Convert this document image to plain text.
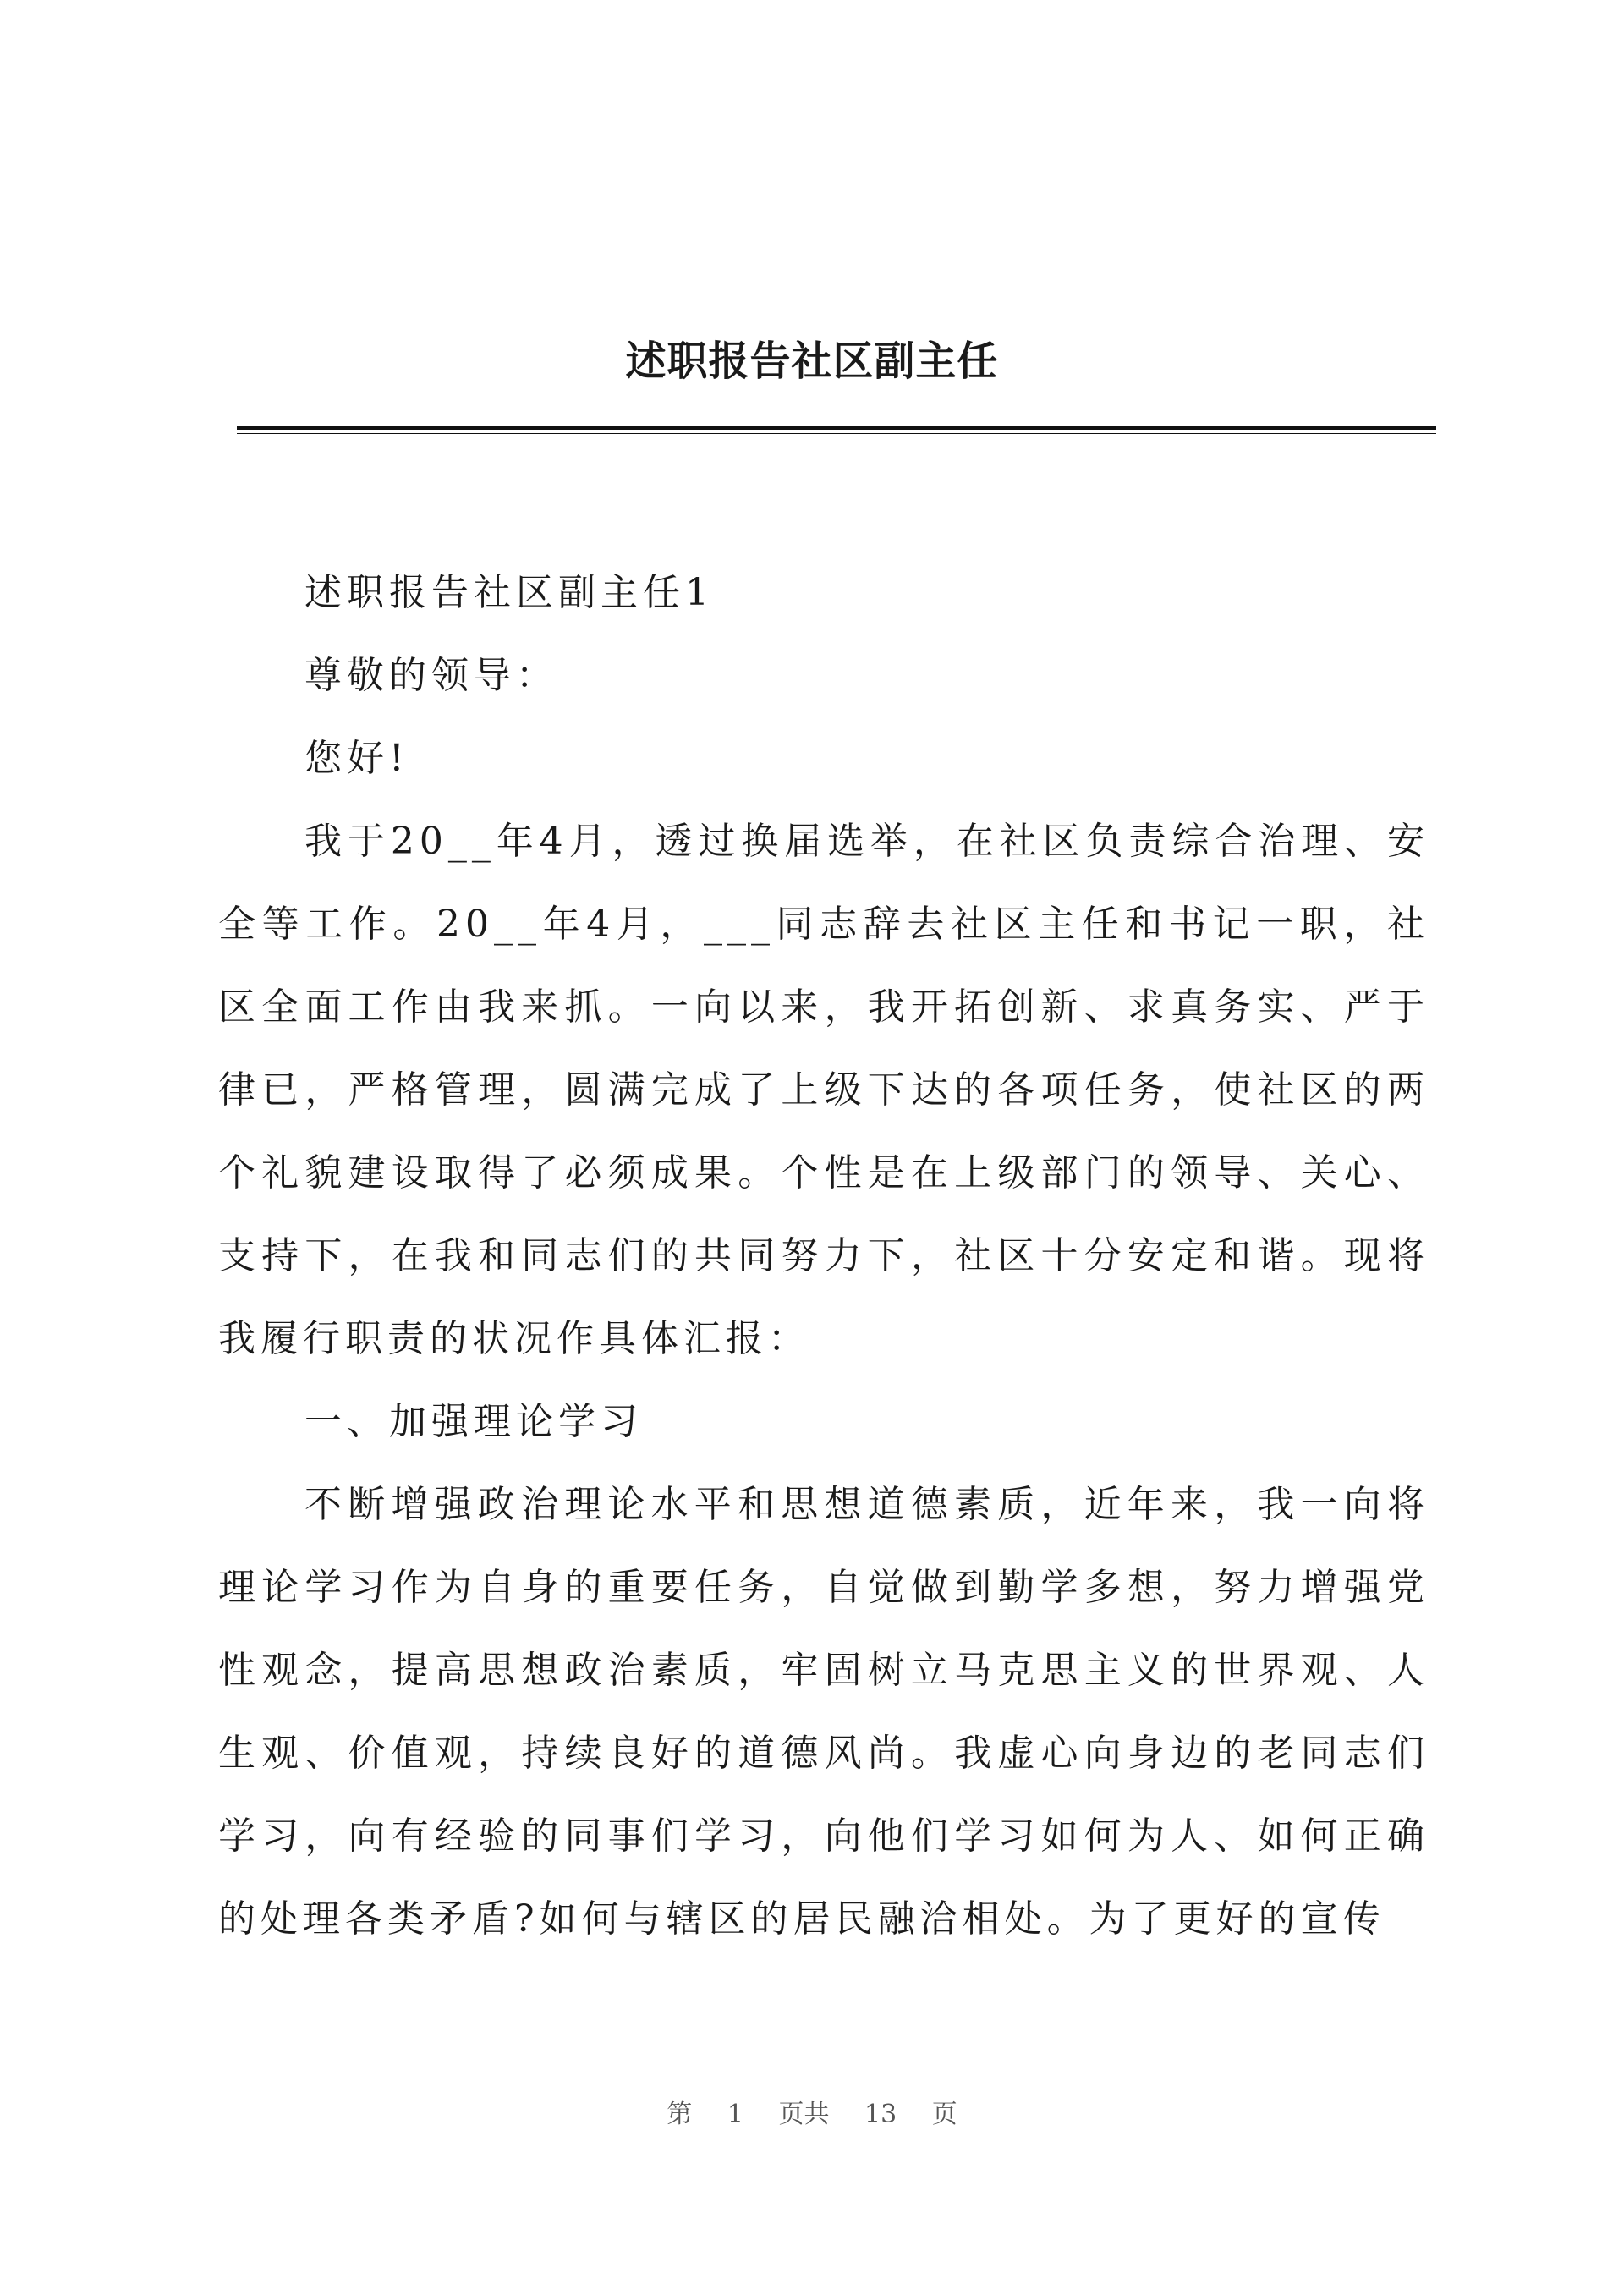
述职报告社区副主任

述职报告社区副主任1

尊敬的领导：

您好!

我于20__年4月，透过换届选举，在社区负责综合治理、安全等工作。20__年4月，___同志辞去社区主任和书记一职，社区全面工作由我来抓。一向以来，我开拓创新、求真务实、严于律已，严格管理，圆满完成了上级下达的各项任务，使社区的两个礼貌建设取得了必须成果。个性是在上级部门的领导、关心、支持下，在我和同志们的共同努力下，社区十分安定和谐。现将我履行职责的状况作具体汇报：

一、加强理论学习

不断增强政治理论水平和思想道德素质，近年来，我一向将理论学习作为自身的重要任务，自觉做到勤学多想，努力增强党性观念，提高思想政治素质，牢固树立马克思主义的世界观、人生观、价值观，持续良好的道德风尚。我虚心向身边的老同志们学习，向有经验的同事们学习，向他们学习如何为人、如何正确的处理各类矛盾?如何与辖区的居民融洽相处。为了更好的宣传

第 1 页共 13 页
